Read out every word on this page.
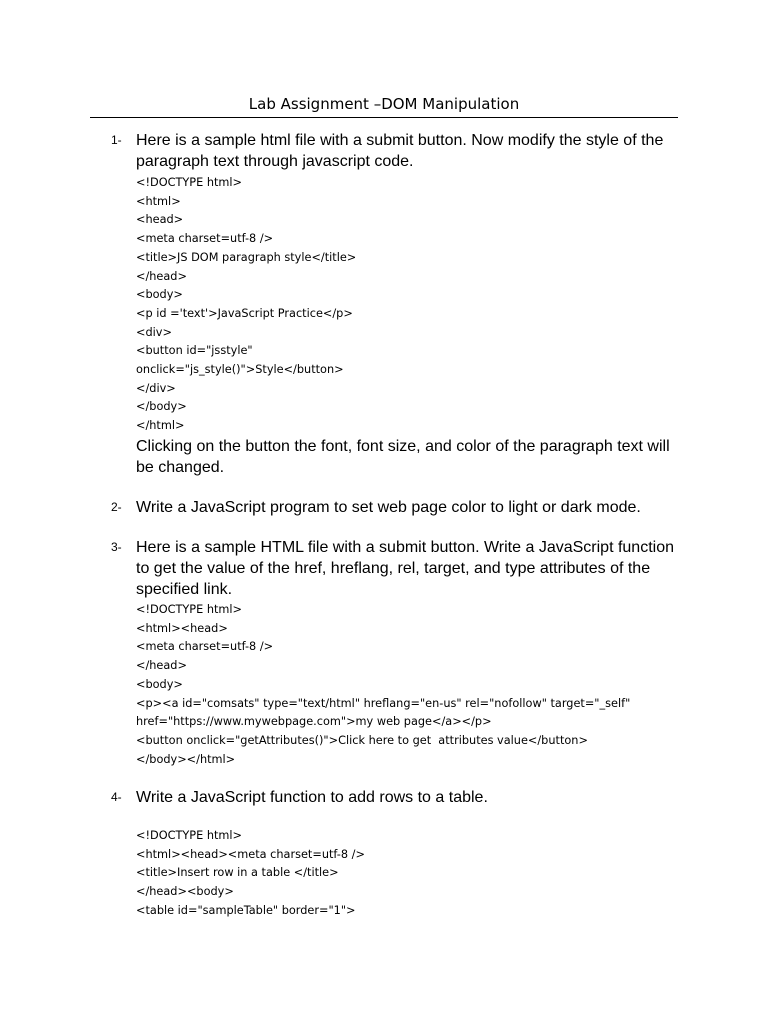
Lab Assignment –DOM Manipulation
1- Here is a sample html file with a submit button. Now modify the style of the paragraph text through javascript code.

<!DOCTYPE html>
<html>
<head>
<meta charset=utf-8 />
<title>JS DOM paragraph style</title>
</head>
<body>
<p id ='text'>JavaScript Practice</p>
<div>
<button id="jsstyle"
onclick="js_style()">Style</button>
</div>
</body>
</html>

Clicking on the button the font, font size, and color of the paragraph text will be changed.

2- Write a JavaScript program to set web page color to light or dark mode.

3- Here is a sample HTML file with a submit button. Write a JavaScript function to get the value of the href, hreflang, rel, target, and type attributes of the specified link.

<!DOCTYPE html>
<html><head>
<meta charset=utf-8 />
</head>
<body>
<p><a id="comsats" type="text/html" hreflang="en-us" rel="nofollow" target="_self"
href="https://www.mywebpage.com">my web page</a></p>
<button onclick="getAttributes()">Click here to get  attributes value</button>
</body></html>
4- Write a JavaScript function to add rows to a table.

<!DOCTYPE html>
<html><head><meta charset=utf-8 />
<title>Insert row in a table </title>
</head><body>
<table id="sampleTable" border="1">
